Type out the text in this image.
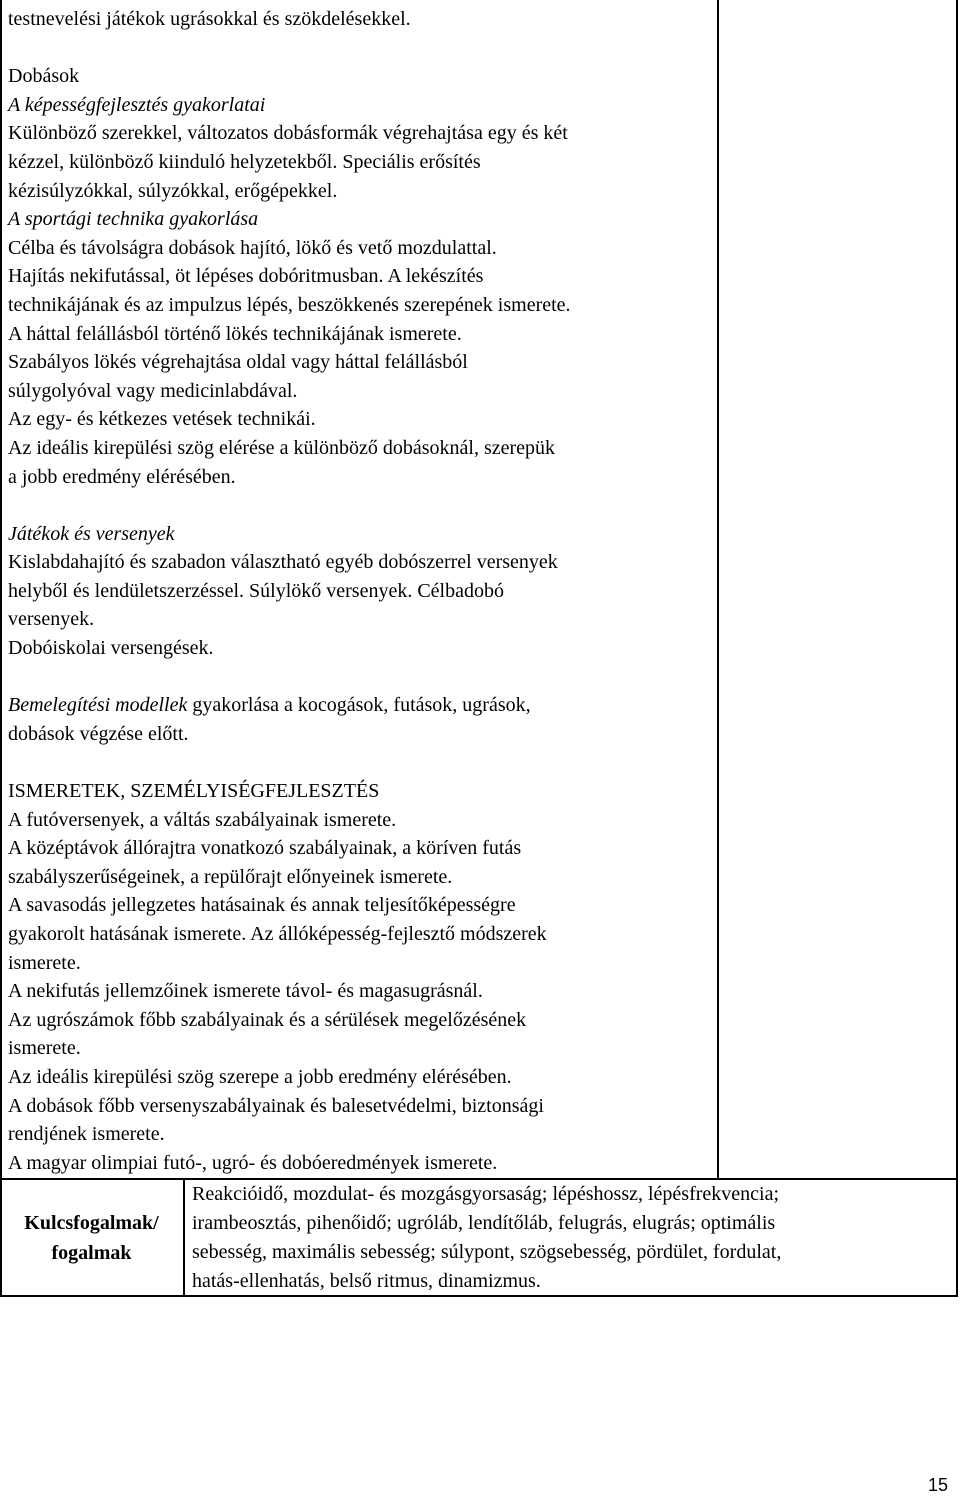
testnevelési játékok ugrásokkal és szökdelésekkel.
Dobások
A képességfejlesztés gyakorlatai
Különböző szerekkel, változatos dobásformák végrehajtása egy és két
kézzel, különböző kiinduló helyzetekből. Speciális erősítés
kézisúlyzókkal, súlyzókkal, erőgépekkel.
A sportági technika gyakorlása
Célba és távolságra dobások hajító, lökő és vető mozdulattal.
Hajítás nekifutással, öt lépéses dobóritmusban. A lekészítés
technikájának és az impulzus lépés, beszökkenés szerepének ismerete.
A háttal felállásból történő lökés technikájának ismerete.
Szabályos lökés végrehajtása oldal vagy háttal felállásból
súlygolyóval vagy medicinlabdával.
Az egy- és kétkezes vetések technikái.
Az ideális kirepülési szög elérése a különböző dobásoknál, szerepük
a jobb eredmény elérésében.
Játékok és versenyek
Kislabdahajító és szabadon választható egyéb dobószerrel versenyek
helyből és lendületszerzéssel. Súlylökő versenyek. Célbadobó
versenyek.
Dobóiskolai versengések.
Bemelegítési modellek gyakorlása a kocogások, futások, ugrások,
dobások végzése előtt.
ISMERETEK, SZEMÉLYISÉGFEJLESZTÉS
A futóversenyek, a váltás szabályainak ismerete.
A középtávok állórajtra vonatkozó szabályainak, a köríven futás
szabályszerűségeinek, a repülőrajt előnyeinek ismerete.
A savasodás jellegzetes hatásainak és annak teljesítőképességre
gyakorolt hatásának ismerete. Az állóképesség-fejlesztő módszerek
ismerete.
A nekifutás jellemzőinek ismerete távol- és magasugrásnál.
Az ugrószámok főbb szabályainak és a sérülések megelőzésének
ismerete.
Az ideális kirepülési szög szerepe a jobb eredmény elérésében.
A dobások főbb versenyszabályainak és balesetvédelmi, biztonsági
rendjének ismerete.
A magyar olimpiai futó-, ugró- és dobóeredmények ismerete.
Kulcsfogalmak/
fogalmak
Reakcióidő, mozdulat- és mozgásgyorsaság; lépéshossz, lépésfrekvencia;
irambeosztás, pihenőidő; ugróláb, lendítőláb, felugrás, elugrás; optimális
sebesség, maximális sebesség; súlypont, szögsebesség, pördület, fordulat,
hatás-ellenhatás, belső ritmus, dinamizmus.
15
